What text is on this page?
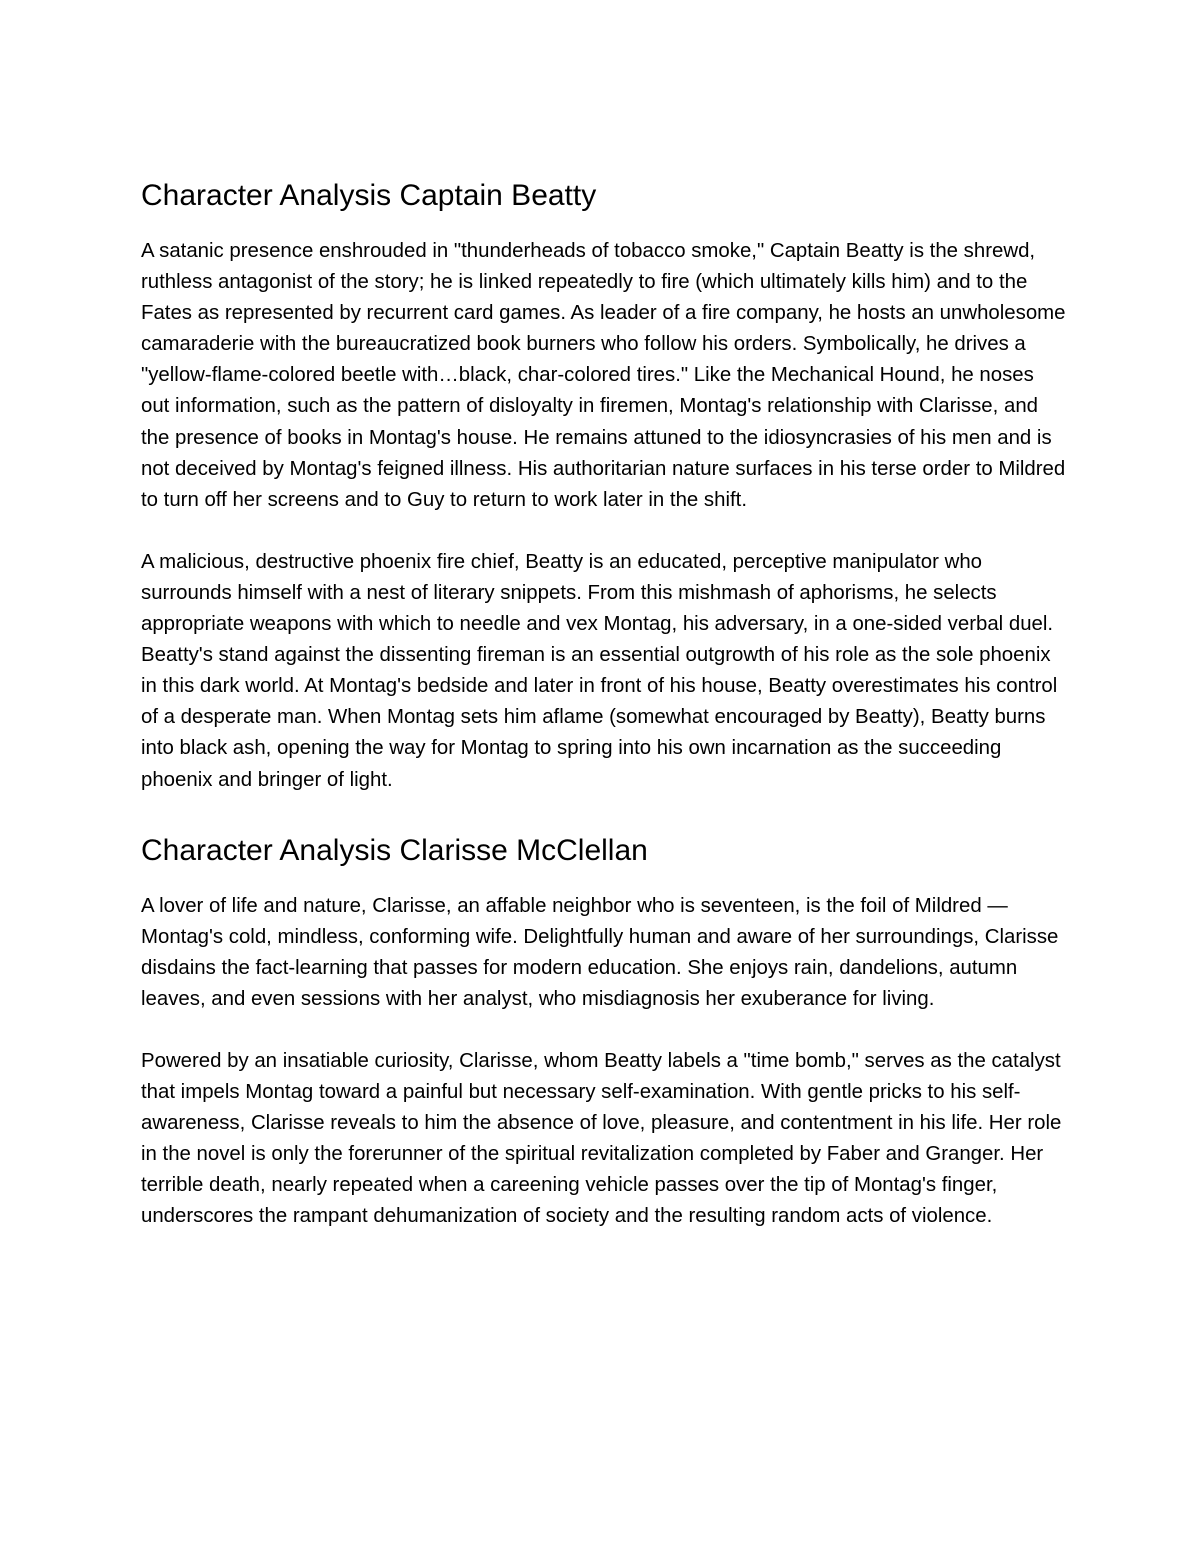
Character Analysis Captain Beatty

A satanic presence enshrouded in "thunderheads of tobacco smoke," Captain Beatty is the shrewd, ruthless antagonist of the story; he is linked repeatedly to fire (which ultimately kills him) and to the Fates as represented by recurrent card games. As leader of a fire company, he hosts an unwholesome camaraderie with the bureaucratized book burners who follow his orders. Symbolically, he drives a "yellow-flame-colored beetle with…black, char-colored tires." Like the Mechanical Hound, he noses out information, such as the pattern of disloyalty in firemen, Montag's relationship with Clarisse, and the presence of books in Montag's house. He remains attuned to the idiosyncrasies of his men and is not deceived by Montag's feigned illness. His authoritarian nature surfaces in his terse order to Mildred to turn off her screens and to Guy to return to work later in the shift.

A malicious, destructive phoenix fire chief, Beatty is an educated, perceptive manipulator who surrounds himself with a nest of literary snippets. From this mishmash of aphorisms, he selects appropriate weapons with which to needle and vex Montag, his adversary, in a one-sided verbal duel. Beatty's stand against the dissenting fireman is an essential outgrowth of his role as the sole phoenix in this dark world. At Montag's bedside and later in front of his house, Beatty overestimates his control of a desperate man. When Montag sets him aflame (somewhat encouraged by Beatty), Beatty burns into black ash, opening the way for Montag to spring into his own incarnation as the succeeding phoenix and bringer of light.

Character Analysis Clarisse McClellan

A lover of life and nature, Clarisse, an affable neighbor who is seventeen, is the foil of Mildred — Montag's cold, mindless, conforming wife. Delightfully human and aware of her surroundings, Clarisse disdains the fact-learning that passes for modern education. She enjoys rain, dandelions, autumn leaves, and even sessions with her analyst, who misdiagnosis her exuberance for living.

Powered by an insatiable curiosity, Clarisse, whom Beatty labels a "time bomb," serves as the catalyst that impels Montag toward a painful but necessary self-examination. With gentle pricks to his self-awareness, Clarisse reveals to him the absence of love, pleasure, and contentment in his life. Her role in the novel is only the forerunner of the spiritual revitalization completed by Faber and Granger. Her terrible death, nearly repeated when a careening vehicle passes over the tip of Montag's finger, underscores the rampant dehumanization of society and the resulting random acts of violence.
